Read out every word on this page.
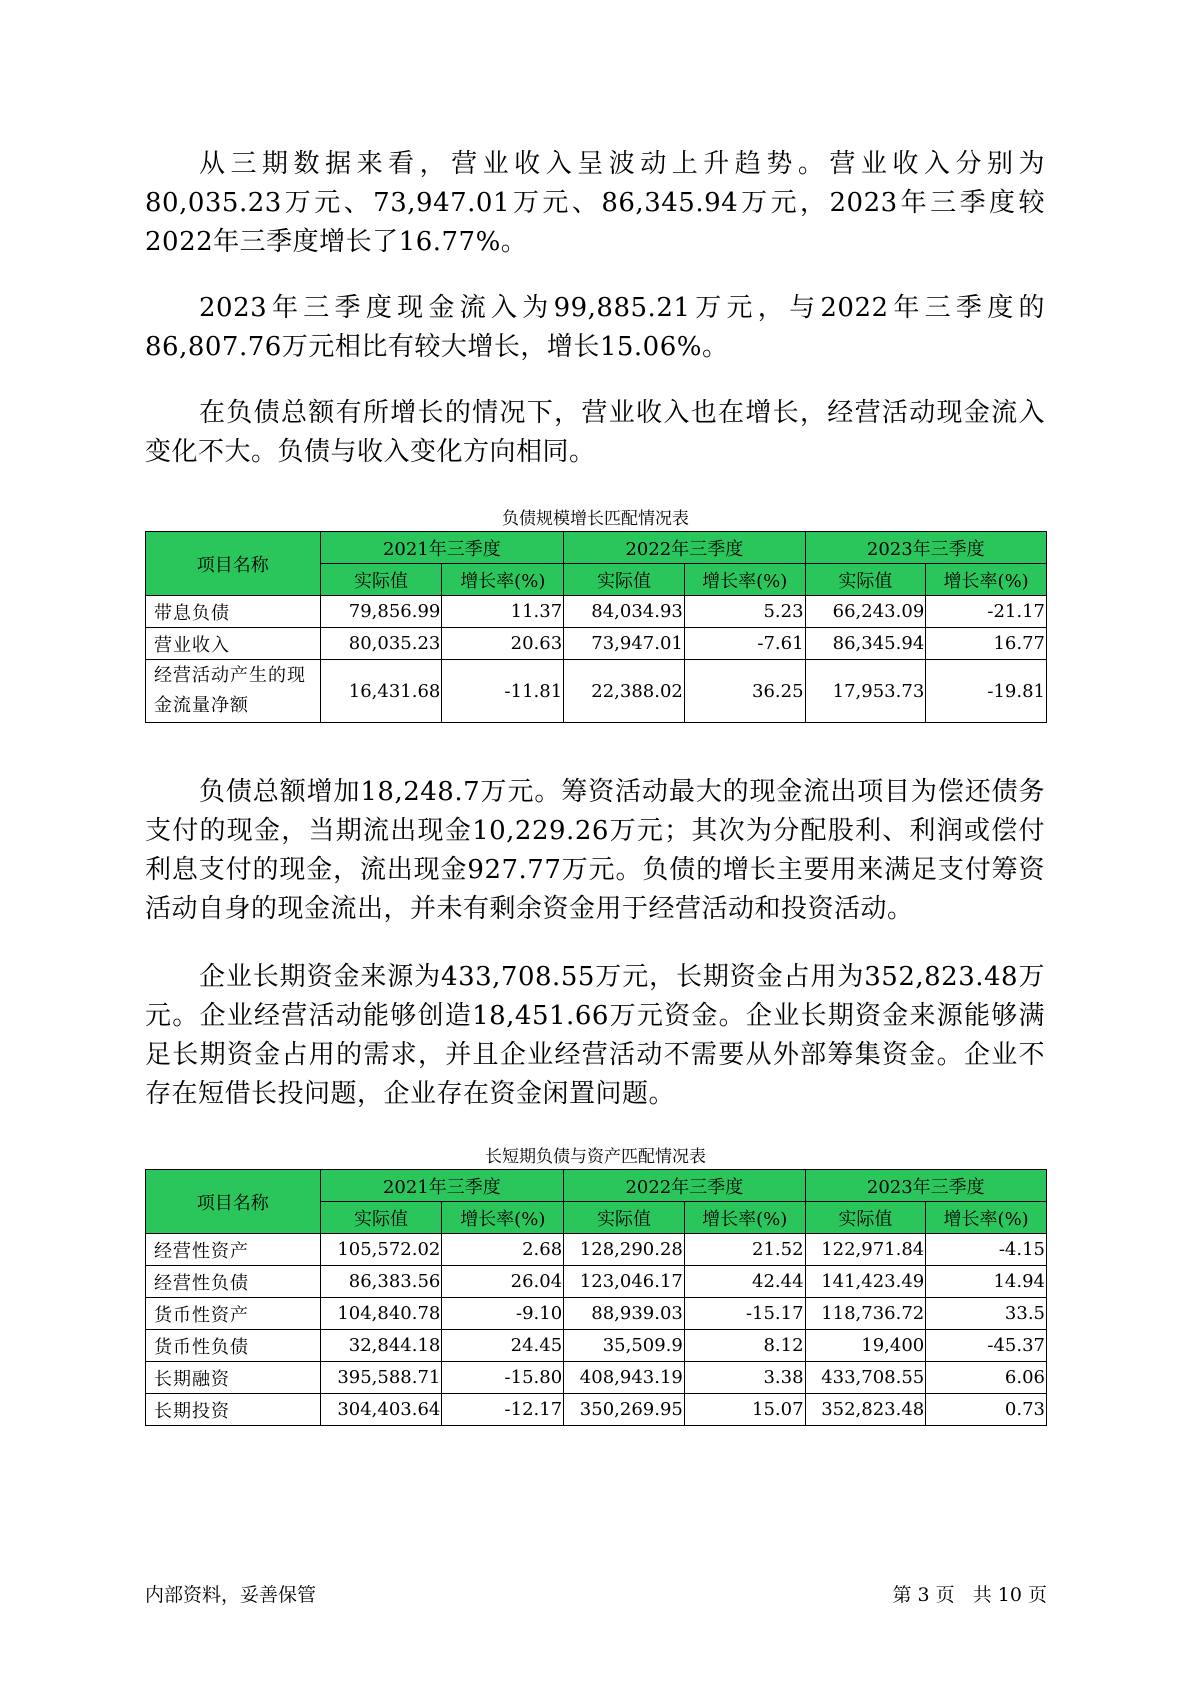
从三期数据来看，营业收入呈波动上升趋势。营业收入分别为80,035.23万元、73,947.01万元、86,345.94万元，2023年三季度较2022年三季度增长了16.77%。

2023年三季度现金流入为99,885.21万元，与2022年三季度的86,807.76万元相比有较大增长，增长15.06%。

在负债总额有所增长的情况下，营业收入也在增长，经营活动现金流入变化不大。负债与收入变化方向相同。

负债规模增长匹配情况表

项目名称	2021年三季度		2022年三季度		2023年三季度	
	实际值	增长率(%)	实际值	增长率(%)	实际值	增长率(%)
带息负债	79,856.99	11.37	84,034.93	5.23	66,243.09	-21.17
营业收入	80,035.23	20.63	73,947.01	-7.61	86,345.94	16.77
经营活动产生的现金流量净额	16,431.68	-11.81	22,388.02	36.25	17,953.73	-19.81

负债总额增加18,248.7万元。筹资活动最大的现金流出项目为偿还债务支付的现金，当期流出现金10,229.26万元；其次为分配股利、利润或偿付利息支付的现金，流出现金927.77万元。负债的增长主要用来满足支付筹资活动自身的现金流出，并未有剩余资金用于经营活动和投资活动。

企业长期资金来源为433,708.55万元，长期资金占用为352,823.48万元。企业经营活动能够创造18,451.66万元资金。企业长期资金来源能够满足长期资金占用的需求，并且企业经营活动不需要从外部筹集资金。企业不存在短借长投问题，企业存在资金闲置问题。

长短期负债与资产匹配情况表

项目名称	2021年三季度		2022年三季度		2023年三季度	
	实际值	增长率(%)	实际值	增长率(%)	实际值	增长率(%)
经营性资产	105,572.02	2.68	128,290.28	21.52	122,971.84	-4.15
经营性负债	86,383.56	26.04	123,046.17	42.44	141,423.49	14.94
货币性资产	104,840.78	-9.10	88,939.03	-15.17	118,736.72	33.5
货币性负债	32,844.18	24.45	35,509.9	8.12	19,400	-45.37
长期融资	395,588.71	-15.80	408,943.19	3.38	433,708.55	6.06
长期投资	304,403.64	-12.17	350,269.95	15.07	352,823.48	0.73

内部资料，妥善保管	第 3 页   共 10 页
